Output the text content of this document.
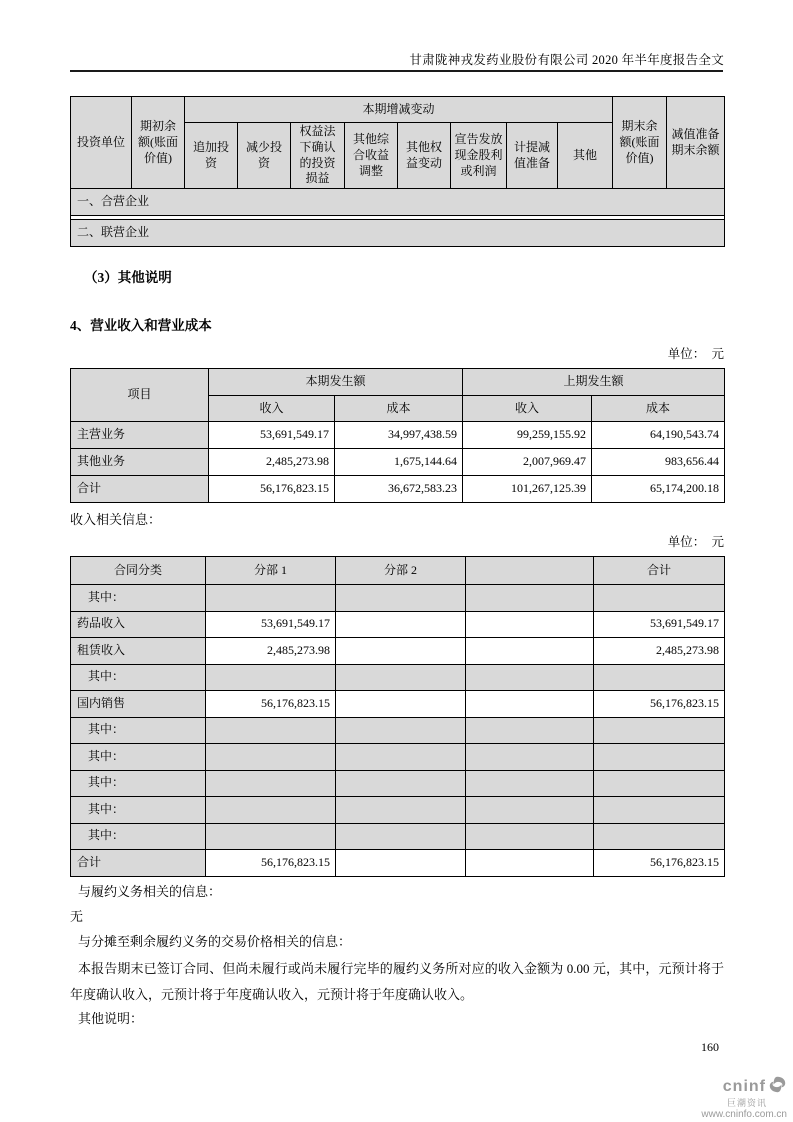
甘肃陇神戎发药业股份有限公司 2020 年半年度报告全文
投资单位	期初余额(账面价值)	本期增减变动								期末余额(账面价值)	减值准备期末余额
		追加投资	减少投资	权益法下确认的投资损益	其他综合收益调整	其他权益变动	宣告发放现金股利或利润	计提减值准备	其他		
一、合营企业											

二、联营企业											
（3）其他说明
4、营业收入和营业成本
单位：　元
项目	本期发生额		上期发生额	
	收入	成本	收入	成本
主营业务	53,691,549.17	34,997,438.59	99,259,155.92	64,190,543.74
其他业务	2,485,273.98	1,675,144.64	2,007,969.47	983,656.44
合计	56,176,823.15	36,672,583.23	101,267,125.39	65,174,200.18
收入相关信息：
单位：　元
合同分类	分部 1	分部 2		合计
其中：				
药品收入	53,691,549.17			53,691,549.17
租赁收入	2,485,273.98			2,485,273.98
其中：				
国内销售	56,176,823.15			56,176,823.15
其中：				
其中：				
其中：				
其中：				
其中：				
合计	56,176,823.15			56,176,823.15
与履约义务相关的信息：
无
与分摊至剩余履约义务的交易价格相关的信息：
本报告期末已签订合同、但尚未履行或尚未履行完毕的履约义务所对应的收入金额为 0.00 元，其中，元预计将于年度确认收入，元预计将于年度确认收入，元预计将于年度确认收入。
其他说明：
160
cninf
巨潮资讯
www.cninfo.com.cn
